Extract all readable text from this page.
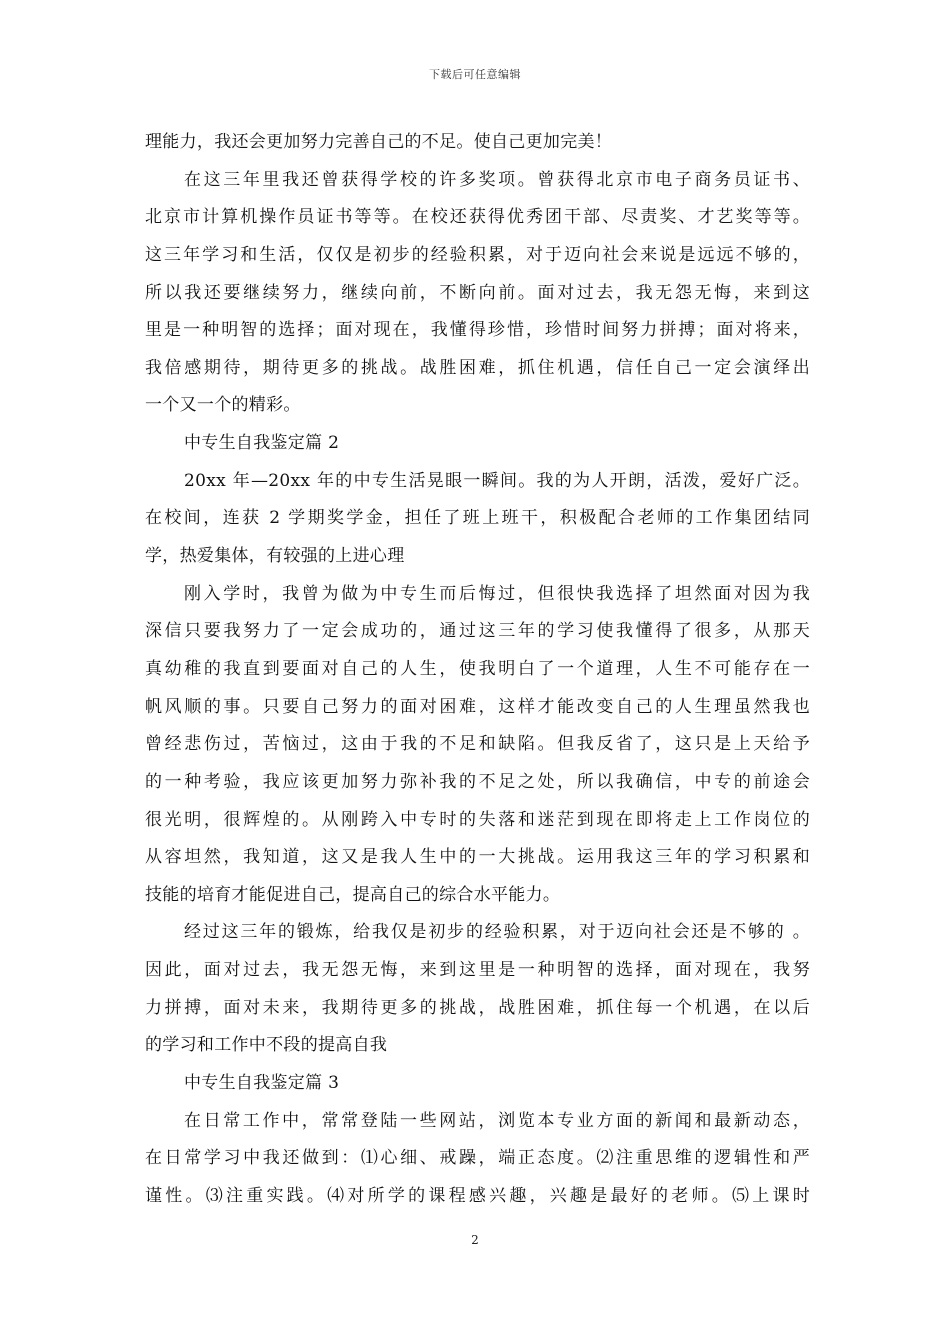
下载后可任意编辑
理能力，我还会更加努力完善自己的不足。使自己更加完美！
在这三年里我还曾获得学校的许多奖项。曾获得北京市电子商务员证书、
北京市计算机操作员证书等等。在校还获得优秀团干部、尽责奖、才艺奖等等。
这三年学习和生活，仅仅是初步的经验积累，对于迈向社会来说是远远不够的，
所以我还要继续努力，继续向前，不断向前。面对过去，我无怨无悔，来到这
里是一种明智的选择；面对现在，我懂得珍惜，珍惜时间努力拼搏；面对将来，
我倍感期待，期待更多的挑战。战胜困难，抓住机遇，信任自己一定会演绎出
一个又一个的精彩。
中专生自我鉴定篇 2
20xx 年—20xx 年的中专生活晃眼一瞬间。我的为人开朗，活泼，爱好广泛。
在校间，连获 2 学期奖学金，担任了班上班干，积极配合老师的工作集团结同
学，热爱集体，有较强的上进心理
刚入学时，我曾为做为中专生而后悔过，但很快我选择了坦然面对因为我
深信只要我努力了一定会成功的，通过这三年的学习使我懂得了很多，从那天
真幼稚的我直到要面对自己的人生，使我明白了一个道理，人生不可能存在一
帆风顺的事。只要自己努力的面对困难，这样才能改变自己的人生理虽然我也
曾经悲伤过，苦恼过，这由于我的不足和缺陷。但我反省了，这只是上天给予
的一种考验，我应该更加努力弥补我的不足之处，所以我确信，中专的前途会
很光明，很辉煌的。从刚跨入中专时的失落和迷茫到现在即将走上工作岗位的
从容坦然，我知道，这又是我人生中的一大挑战。运用我这三年的学习积累和
技能的培育才能促进自己，提高自己的综合水平能力。
经过这三年的锻炼，给我仅是初步的经验积累，对于迈向社会还是不够的 。
因此，面对过去，我无怨无悔，来到这里是一种明智的选择，面对现在，我努
力拼搏，面对未来，我期待更多的挑战，战胜困难，抓住每一个机遇，在以后
的学习和工作中不段的提高自我
中专生自我鉴定篇 3
在日常工作中，常常登陆一些网站，浏览本专业方面的新闻和最新动态，
在日常学习中我还做到：⑴心细、戒躁，端正态度。⑵注重思维的逻辑性和严
谨性。⑶注重实践。⑷对所学的课程感兴趣，兴趣是最好的老师。⑸上课时
2
